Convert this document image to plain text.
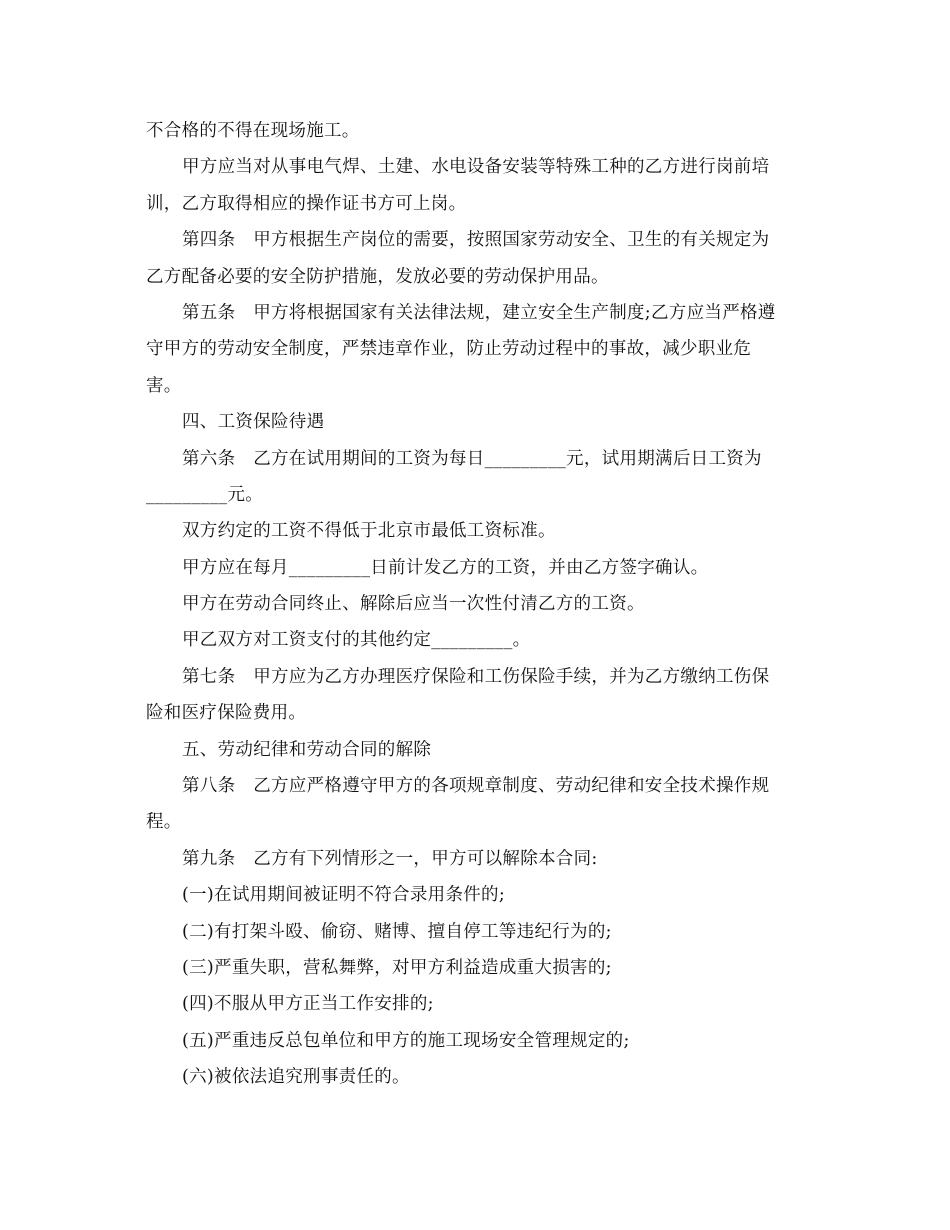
不合格的不得在现场施工。
甲方应当对从事电气焊、土建、水电设备安装等特殊工种的乙方进行岗前培
训，乙方取得相应的操作证书方可上岗。
第四条　甲方根据生产岗位的需要，按照国家劳动安全、卫生的有关规定为
乙方配备必要的安全防护措施，发放必要的劳动保护用品。
第五条　甲方将根据国家有关法律法规，建立安全生产制度;乙方应当严格遵
守甲方的劳动安全制度，严禁违章作业，防止劳动过程中的事故，减少职业危
害。
四、工资保险待遇
第六条　乙方在试用期间的工资为每日_________元，试用期满后日工资为
_________元。
双方约定的工资不得低于北京市最低工资标准。
甲方应在每月_________日前计发乙方的工资，并由乙方签字确认。
甲方在劳动合同终止、解除后应当一次性付清乙方的工资。
甲乙双方对工资支付的其他约定_________。
第七条　甲方应为乙方办理医疗保险和工伤保险手续，并为乙方缴纳工伤保
险和医疗保险费用。
五、劳动纪律和劳动合同的解除
第八条　乙方应严格遵守甲方的各项规章制度、劳动纪律和安全技术操作规
程。
第九条　乙方有下列情形之一，甲方可以解除本合同:
(一)在试用期间被证明不符合录用条件的;
(二)有打架斗殴、偷窃、赌博、擅自停工等违纪行为的;
(三)严重失职，营私舞弊，对甲方利益造成重大损害的;
(四)不服从甲方正当工作安排的;
(五)严重违反总包单位和甲方的施工现场安全管理规定的;
(六)被依法追究刑事责任的。
